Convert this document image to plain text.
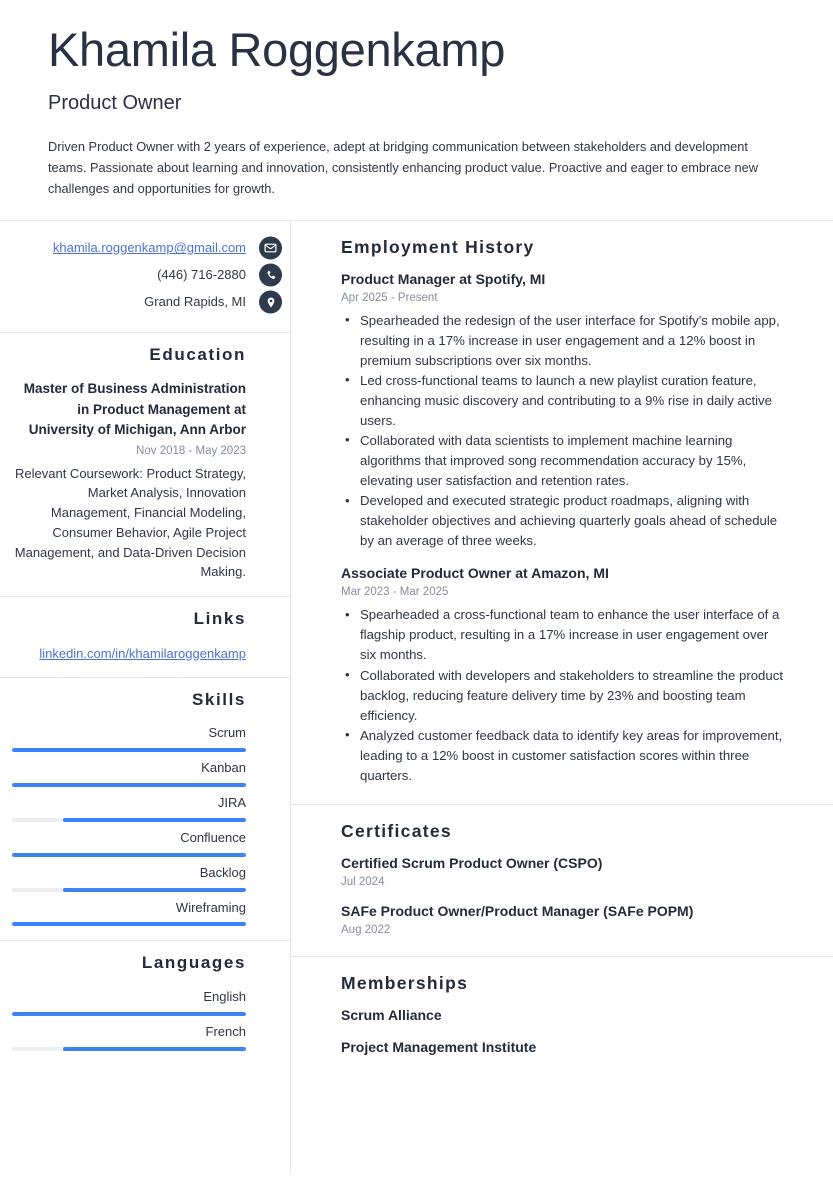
Khamila Roggenkamp
Product Owner
Driven Product Owner with 2 years of experience, adept at bridging communication between stakeholders and development teams. Passionate about learning and innovation, consistently enhancing product value. Proactive and eager to embrace new challenges and opportunities for growth.
khamila.roggenkamp@gmail.com
(446) 716-2880
Grand Rapids, MI
Education
Master of Business Administration in Product Management at University of Michigan, Ann Arbor
Nov 2018 - May 2023
Relevant Coursework: Product Strategy, Market Analysis, Innovation Management, Financial Modeling, Consumer Behavior, Agile Project Management, and Data-Driven Decision Making.
Links
linkedin.com/in/khamilaroggenkamp
Skills
Scrum
Kanban
JIRA
Confluence
Backlog
Wireframing
Languages
English
French
Employment History
Product Manager at Spotify, MI
Apr 2025 - Present
• Spearheaded the redesign of the user interface for Spotify's mobile app, resulting in a 17% increase in user engagement and a 12% boost in premium subscriptions over six months.
• Led cross-functional teams to launch a new playlist curation feature, enhancing music discovery and contributing to a 9% rise in daily active users.
• Collaborated with data scientists to implement machine learning algorithms that improved song recommendation accuracy by 15%, elevating user satisfaction and retention rates.
• Developed and executed strategic product roadmaps, aligning with stakeholder objectives and achieving quarterly goals ahead of schedule by an average of three weeks.
Associate Product Owner at Amazon, MI
Mar 2023 - Mar 2025
• Spearheaded a cross-functional team to enhance the user interface of a flagship product, resulting in a 17% increase in user engagement over six months.
• Collaborated with developers and stakeholders to streamline the product backlog, reducing feature delivery time by 23% and boosting team efficiency.
• Analyzed customer feedback data to identify key areas for improvement, leading to a 12% boost in customer satisfaction scores within three quarters.
Certificates
Certified Scrum Product Owner (CSPO)
Jul 2024
SAFe Product Owner/Product Manager (SAFe POPM)
Aug 2022
Memberships
Scrum Alliance
Project Management Institute
